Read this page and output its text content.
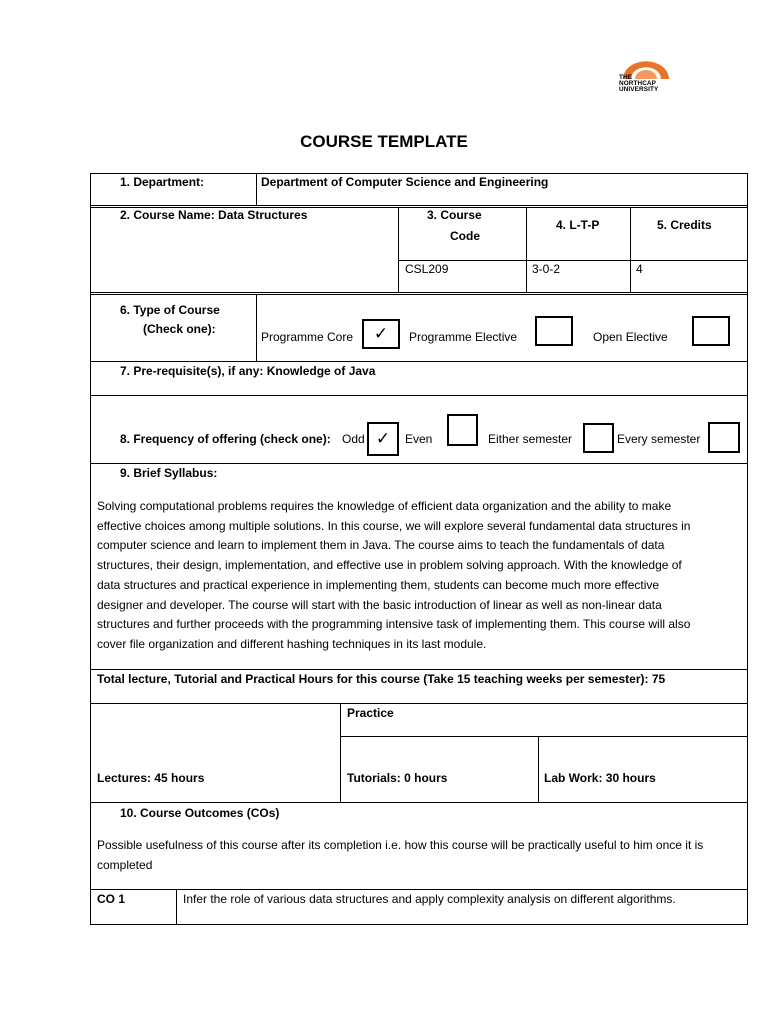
THE
NORTHCAP
UNIVERSITY
COURSE TEMPLATE
1. Department:	Department of Computer Science and Engineering
2. Course Name: Data Structures	3. Course
Code
4. L-T-P	5. Credits
CSL209	3-0-2	4
6. Type of Course
(Check one):
Programme Core	✓	Programme Elective	Open Elective
7. Pre-requisite(s), if any: Knowledge of Java
8. Frequency of offering (check one): Odd ✓	Even	Either semester	Every semester
9. Brief Syllabus:
Solving computational problems requires the knowledge of efficient data organization and the ability to make
effective choices among multiple solutions. In this course, we will explore several fundamental data structures in
computer science and learn to implement them in Java. The course aims to teach the fundamentals of data
structures, their design, implementation, and effective use in problem solving approach. With the knowledge of
data structures and practical experience in implementing them, students can become much more effective
designer and developer. The course will start with the basic introduction of linear as well as non-linear data
structures and further proceeds with the programming intensive task of implementing them. This course will also
cover file organization and different hashing techniques in its last module.
Total lecture, Tutorial and Practical Hours for this course (Take 15 teaching weeks per semester): 75
Practice
Lectures: 45 hours	Tutorials: 0 hours	Lab Work: 30 hours
10. Course Outcomes (COs)
Possible usefulness of this course after its completion i.e. how this course will be practically useful to him once it is
completed
CO 1	Infer the role of various data structures and apply complexity analysis on different algorithms.
